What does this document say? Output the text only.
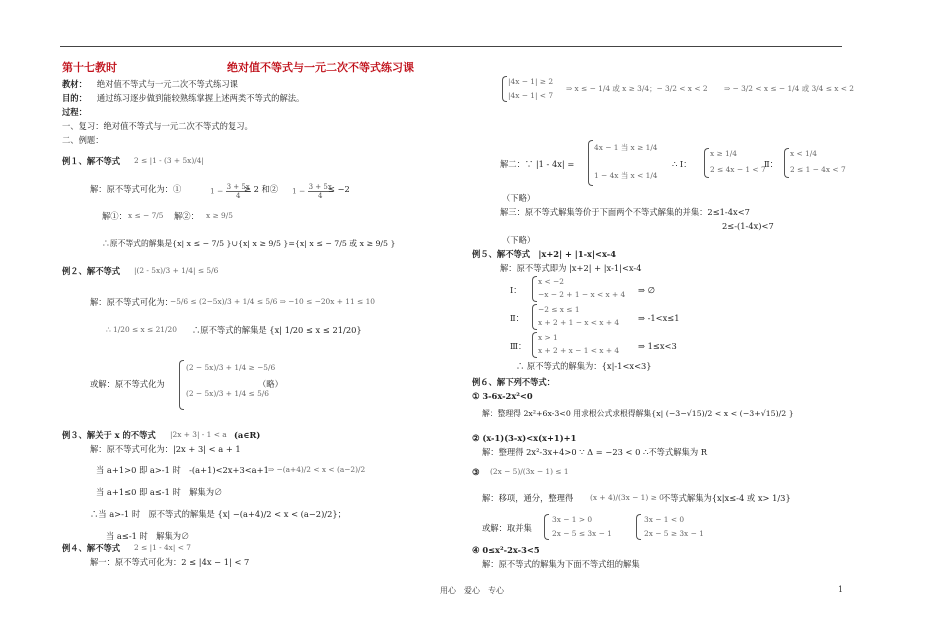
第十七教时	绝对值不等式与一元二次不等式练习课
教材： 绝对值不等式与一元二次不等式练习课
目的： 通过练习逐步做到能较熟练掌握上述两类不等式的解法。
过程：
一、复习：绝对值不等式与一元二次不等式的复习。
二、例题：
例１、解不等式 2 ≤ |1 - (3 + 5x)/4|
解：原不等式可化为：①	$1 - \frac{3 + 5x}{4}$
≥ 2 和② $1 - \frac{3 + 5x}{4}$
≤ −2
解①： x ≤ − 7/5 解②： x ≥ 9/5
∴原不等式的解集是{x| x ≤ − 7/5 }∪{x| x ≥ 9/5 }={x| x ≤ − 7/5 或 x ≥ 9/5 }
例２、解不等式 |(2 - 5x)/3 + 1/4| ≤ 5/6
解：原不等式可化为：
−5/6 ≤ (2−5x)/3 + 1/4 ≤ 5/6 ⇒ −10 ≤ −20x + 11 ≤ 10
∴ 1/20 ≤ x ≤ 21/20 ∴原不等式的解集是 {x| 1/20 ≤ x ≤ 21/20}
或解：原不等式化为
(2 − 5x)/3 + 1/4 ≥ −5/6
(2 − 5x)/3 + 1/4 ≤ 5/6
（略）
例３、解关于 x 的不等式 |2x + 3| - 1 < a (a∈R)
解：原不等式可化为：|2x + 3| < a + 1
当 a+1>0 即 a>-1 时　-(a+1)<2x+3<a+1 ⇒ −(a+4)/2 < x < (a−2)/2
当 a+1≤0 即 a≤-1 时　解集为∅
∴当 a>-1 时　原不等式的解集是 {x| −(a+4)/2 < x < (a−2)/2}；
当 a≤-1 时　解集为∅
例４、解不等式 2 ≤ |1 - 4x| < 7
解一：原不等式可化为：2 ≤ |4x − 1| < 7
|4x − 1| ≥ 2
|4x − 1| < 7
⇒ x ≤ − 1/4 或 x ≥ 3/4；− 3/2 < x < 2 ⇒ − 3/2 < x ≤ − 1/4 或 3/4 ≤ x < 2
解二：∵ |1 - 4x| =
4x − 1 当 x ≥ 1/4
1 − 4x 当 x < 1/4
∴ Ⅰ：
x ≥ 1/4
2 ≤ 4x − 1 < 7
Ⅱ：
x < 1/4
2 ≤ 1 − 4x < 7
（下略）
解三：原不等式解集等价于下面两个不等式解集的并集：2≤1-4x<7
2≤-(1-4x)<7
（下略）
例５、解不等式　|x+2| + |1-x|<x-4
解：原不等式即为 |x+2| + |x-1|<x-4
Ⅰ：
x < −2
−x − 2 + 1 − x < x + 4 ⇒ ∅
Ⅱ：
−2 ≤ x ≤ 1
x + 2 + 1 − x < x + 4 ⇒ -1<x≤1
Ⅲ：
x > 1
x + 2 + x − 1 < x + 4 ⇒ 1≤x<3
∴ 原不等式的解集为：{x|-1<x<3}
例６、解下列不等式：
① 3-6x-2x²<0
解：整理得 2x²+6x-3<0 用求根公式求根得解集{x| (−3−√15)/2 < x < (−3+√15)/2 }
② (x-1)(3-x)<x(x+1)+1
解：整理得 2x²-3x+4>0 ∵ Δ = −23 < 0 ∴不等式解集为 R
③ (2x − 5)/(3x − 1) ≤ 1
解：移项，通分，整理得 (x + 4)/(3x − 1) ≥ 0
不等式解集为{x|x≤-4 或 x> 1/3}
或解：取并集
3x − 1 > 0
2x − 5 ≤ 3x − 1
3x − 1 < 0
2x − 5 ≥ 3x − 1
④ 0≤x²-2x-3<5
解：原不等式的解集为下面不等式组的解集
用心　爱心　专心	1
